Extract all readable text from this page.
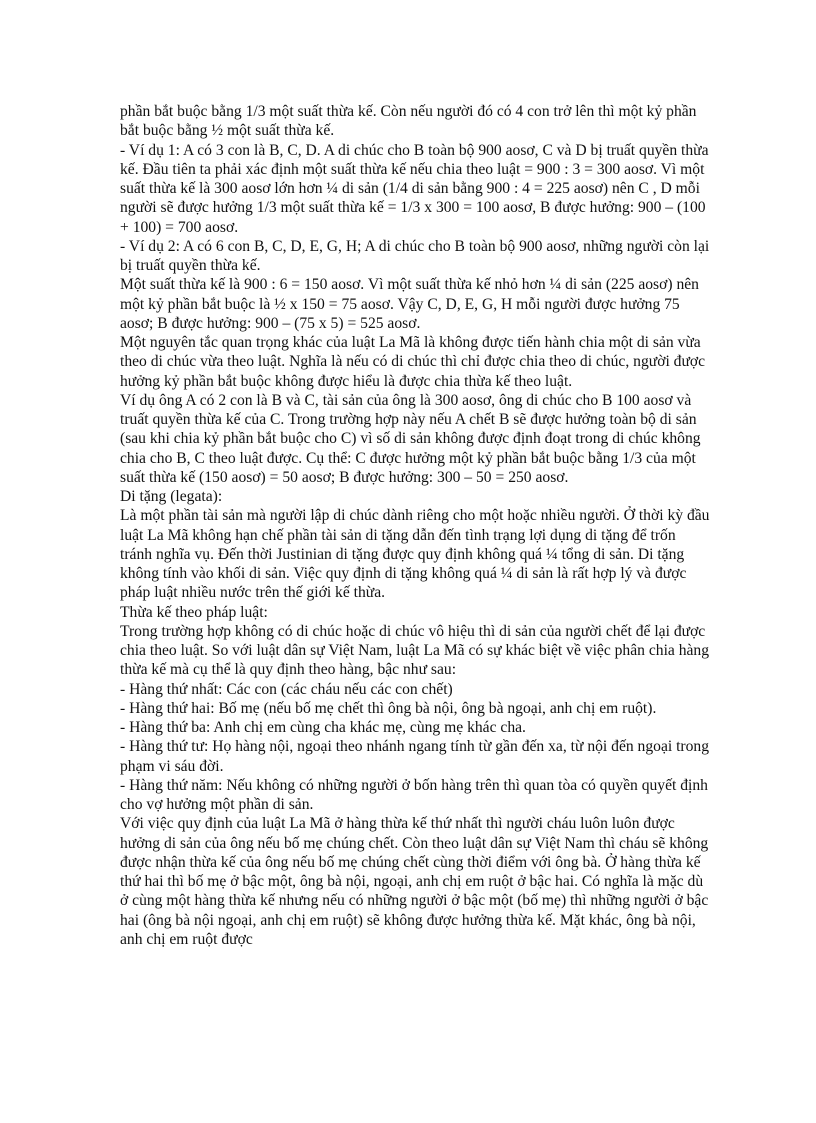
phần bắt buộc bằng 1/3 một suất thừa kế. Còn nếu người đó có 4 con trở lên thì một kỷ phần bắt buộc bằng ½ một suất thừa kế.

- Ví dụ 1: A có 3 con là B, C, D. A di chúc cho B toàn bộ 900 aosơ, C và D bị truất quyền thừa kế. Đầu tiên ta phải xác định một suất thừa kế nếu chia theo luật = 900 : 3 = 300 aosơ. Vì một suất thừa kế là 300 aosơ lớn hơn ¼ di sản (1/4 di sản bằng 900 : 4 = 225 aosơ) nên C , D mỗi người sẽ được hưởng 1/3 một suất thừa kế = 1/3 x 300 = 100 aosơ, B được hưởng: 900 – (100 + 100) = 700 aosơ.

- Ví dụ 2: A có 6 con B, C, D, E, G, H; A di chúc cho B toàn bộ 900 aosơ, những người còn lại bị truất quyền thừa kế.

Một suất thừa kế là 900 : 6 = 150 aosơ. Vì một suất thừa kế nhỏ hơn ¼ di sản (225 aosơ) nên một kỷ phần bắt buộc là ½ x 150 = 75 aosơ. Vậy C, D, E, G, H mỗi người được hưởng 75 aosơ; B được hưởng: 900 – (75 x 5) = 525 aosơ.

Một nguyên tắc quan trọng khác của luật La Mã là không được tiến hành chia một di sản vừa theo di chúc vừa theo luật. Nghĩa là nếu có di chúc thì chỉ được chia theo di chúc, người được hưởng kỷ phần bắt buộc không được hiểu là được chia thừa kế theo luật.

Ví dụ ông A có 2 con là B và C, tài sản của ông là 300 aosơ, ông di chúc cho B 100 aosơ và truất quyền thừa kế của C. Trong trường hợp này nếu A chết B sẽ được hưởng toàn bộ di sản (sau khi chia kỷ phần bắt buộc cho C) vì số di sản không được định đoạt trong di chúc không chia cho B, C theo luật được. Cụ thể: C được hưởng một kỷ phần bắt buộc bằng 1/3 của một suất thừa kế (150 aosơ) = 50 aosơ; B được hưởng: 300 – 50 = 250 aosơ.

Di tặng (legata):

Là một phần tài sản mà người lập di chúc dành riêng cho một hoặc nhiều người. Ở thời kỳ đầu luật La Mã không hạn chế phần tài sản di tặng dẫn đến tình trạng lợi dụng di tặng để trốn tránh nghĩa vụ. Đến thời Justinian di tặng được quy định không quá ¼ tổng di sản. Di tặng không tính vào khối di sản. Việc quy định di tặng không quá ¼ di sản là rất hợp lý và được pháp luật nhiều nước trên thế giới kế thừa.

Thừa kế theo pháp luật:

Trong trường hợp không có di chúc hoặc di chúc vô hiệu thì di sản của người chết để lại được chia theo luật. So với luật dân sự Việt Nam, luật La Mã có sự khác biệt về việc phân chia hàng thừa kế mà cụ thể là quy định theo hàng, bậc như sau:

- Hàng thứ nhất: Các con (các cháu nếu các con chết)

- Hàng thứ hai: Bố mẹ (nếu bố mẹ chết thì ông bà nội, ông bà ngoại, anh chị em ruột).

- Hàng thứ ba: Anh chị em cùng cha khác mẹ, cùng mẹ khác cha.

- Hàng thứ tư: Họ hàng nội, ngoại theo nhánh ngang tính từ gần đến xa, từ nội đến ngoại trong phạm vi sáu đời.

- Hàng thứ năm: Nếu không có những người ở bốn hàng trên thì quan tòa có quyền quyết định cho vợ hưởng một phần di sản.

Với việc quy định của luật La Mã ở hàng thừa kế thứ nhất thì người cháu luôn luôn được hưởng di sản của ông nếu bố mẹ chúng chết. Còn theo luật dân sự Việt Nam thì cháu sẽ không được nhận thừa kế của ông nếu bố mẹ chúng chết cùng thời điểm với ông bà. Ở hàng thừa kế thứ hai thì bố mẹ ở bậc một, ông bà nội, ngoại, anh chị em ruột ở bậc hai. Có nghĩa là mặc dù ở cùng một hàng thừa kế nhưng nếu có những người ở bậc một (bố mẹ) thì những người ở bậc hai (ông bà nội ngoại, anh chị em ruột) sẽ không được hưởng thừa kế. Mặt khác, ông bà nội, anh chị em ruột được
